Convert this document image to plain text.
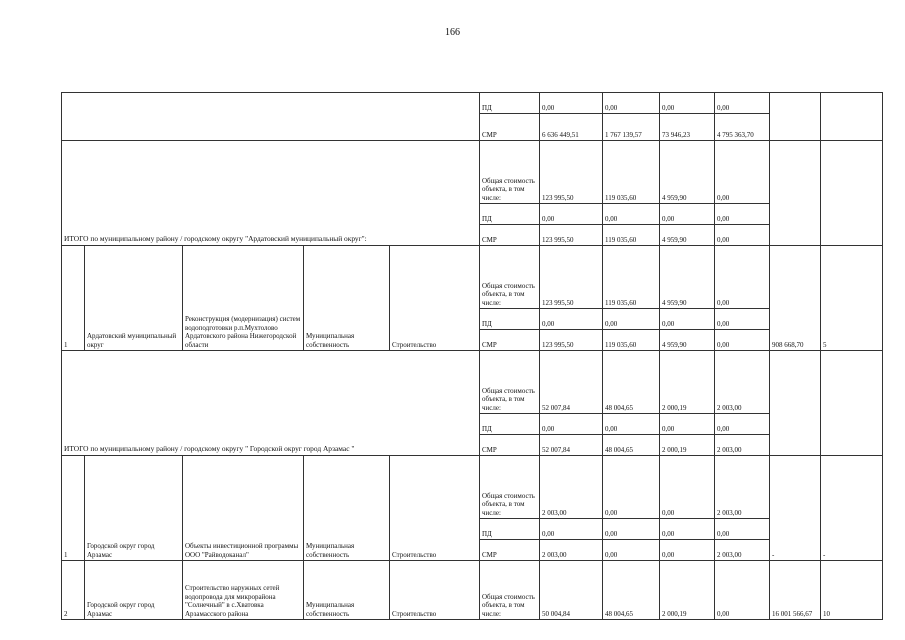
166
					ПД	0,00	0,00	0,00	0,00		
					СМР	6 636 449,51	1 767 139,57	73 946,23	4 795 363,70		
ИТОГО по муниципальному району / городскому округу "Ардатовский муниципальный округ":					Общая стоимость объекта, в том числе:	123 995,50	119 035,60	4 959,90	0,00		
					ПД	0,00	0,00	0,00	0,00		
					СМР	123 995,50	119 035,60	4 959,90	0,00		
1	Ардатовский муниципальный округ	Реконструкция (модернизация) систем водоподготовки р.п.Мухтолово Ардатовского района Нижегородской области	Муниципальная собственность	Строительство	Общая стоимость объекта, в том числе:	123 995,50	119 035,60	4 959,90	0,00	908 668,70	5
					ПД	0,00	0,00	0,00	0,00		
					СМР	123 995,50	119 035,60	4 959,90	0,00		
ИТОГО по муниципальному району / городскому округу " Городской округ город Арзамас "					Общая стоимость объекта, в том числе:	52 007,84	48 004,65	2 000,19	2 003,00		
					ПД	0,00	0,00	0,00	0,00		
					СМР	52 007,84	48 004,65	2 000,19	2 003,00		
1	Городской округ город Арзамас	Объекты инвестиционной программы ООО "Райводоканал"	Муниципальная собственность	Строительство	Общая стоимость объекта, в том числе:	2 003,00	0,00	0,00	2 003,00	-	-
					ПД	0,00	0,00	0,00	0,00		
					СМР	2 003,00	0,00	0,00	2 003,00		
2	Городской округ город Арзамас	Строительство наружных сетей водопровода для микрорайона "Солнечный" в с.Хватовка Арзамасского района	Муниципальная собственность	Строительство	Общая стоимость объекта, в том числе:	50 004,84	48 004,65	2 000,19	0,00	16 001 566,67	10
